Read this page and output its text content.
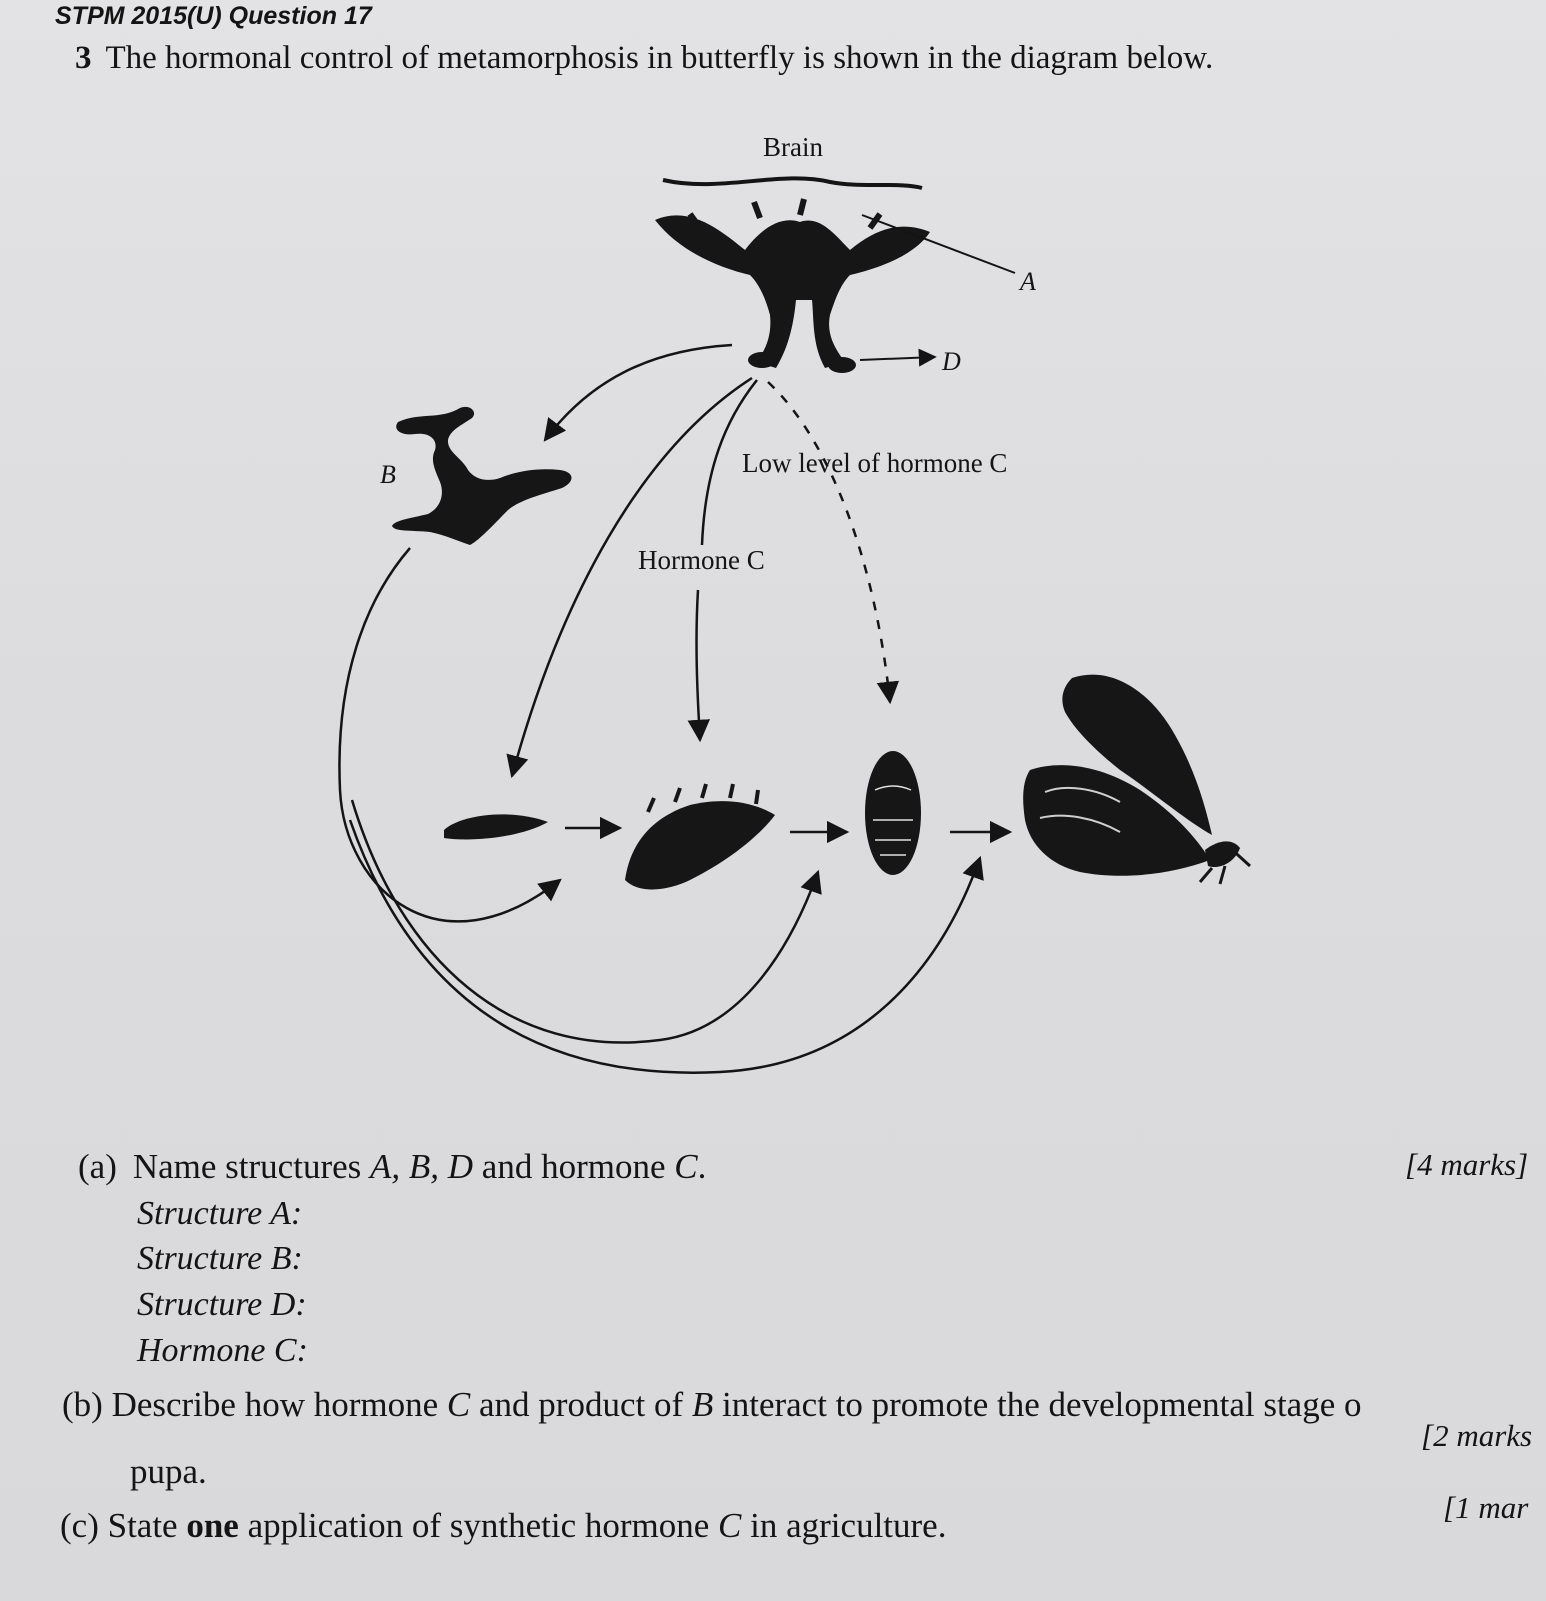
STPM 2015(U) Question 17
3 The hormonal control of metamorphosis in butterfly is shown in the diagram below.
Brain
A
D
B	Low level of hormone C
Hormone C
(a) Name structures A, B, D and hormone C.	[4 marks]
Structure A:
Structure B:
Structure D:
Hormone C:
(b) Describe how hormone C and product of B interact to promote the developmental stage o
pupa.
[2 marks
(c) State one application of synthetic hormone C in agriculture.	[1 mar
